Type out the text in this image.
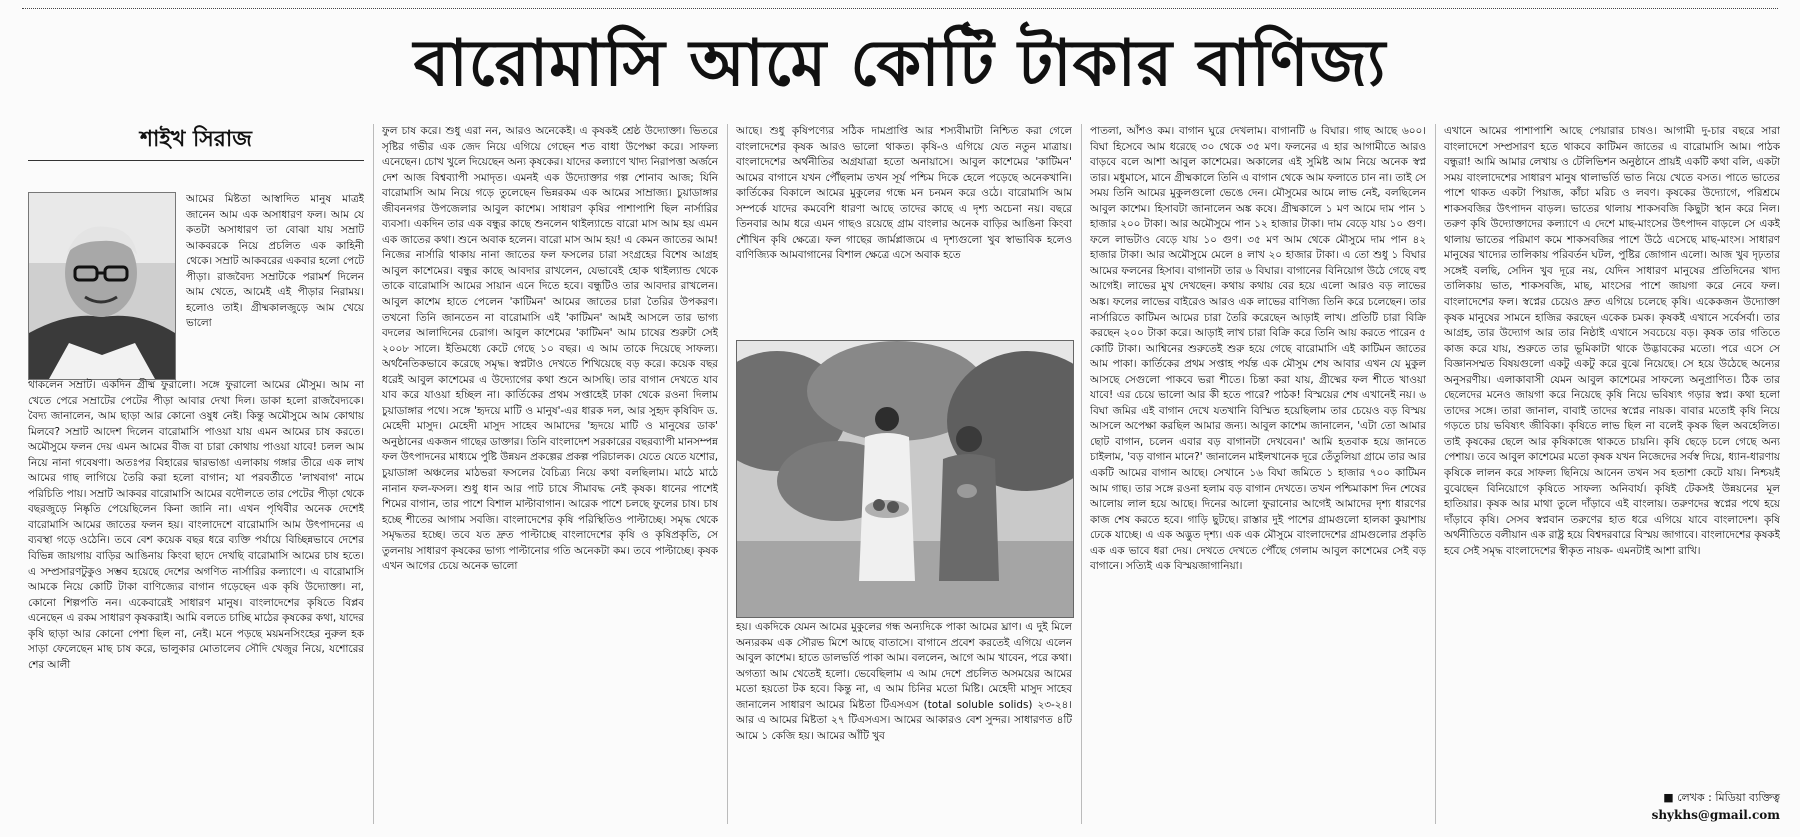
বারোমাসি আমে কোটি টাকার বাণিজ্য
শাইখ সিরাজ

আমের মিষ্টতা আস্বাদিত মানুষ মাত্রই জানেন আম এক অসাধারণ ফল। আম যে কতটা অসাধারণ তা বোঝা যায় সম্রাট আকবরকে নিয়ে প্রচলিত এক কাহিনী থেকে। সম্রাট আকবরের একবার হলো পেটে পীড়া। রাজবৈদ্য সম্রাটকে পরামর্শ দিলেন আম খেতে, আমেই এই পীড়ার নিরাময়। হলোও তাই। গ্রীষ্মকালজুড়ে আম খেয়ে ভালো

থাকলেন সম্রাট। একদিন গ্রীষ্ম ফুরালো। সঙ্গে ফুরালো আমের মৌসুম। আম না খেতে পেরে সম্রাটের পেটের পীড়া আবার দেখা দিল। ডাকা হলো রাজবৈদ্যকে। বৈদ্য জানালেন, আম ছাড়া আর কোনো ওষুধ নেই। কিন্তু অমৌসুমে আম কোথায় মিলবে? সম্রাট আদেশ দিলেন বারোমাসি পাওয়া যায় এমন আমের চাষ করতে। অমৌসুমে ফলন দেয় এমন আমের বীজ বা চারা কোথায় পাওয়া যাবে! চলল আম নিয়ে নানা গবেষণা। অতঃপর বিহারের দ্বারভাঙা এলাকায় গঙ্গার তীরে এক লাখ আমের গাছ লাগিয়ে তৈরি করা হলো বাগান; যা পরবর্তীতে 'লাখবাগ' নামে পরিচিতি পায়। সম্রাট আকবর বারোমাসি আমের বদৌলতে তার পেটের পীড়া থেকে বছরজুড়ে নিষ্কৃতি পেয়েছিলেন কিনা জানি না। এখন পৃথিবীর অনেক দেশেই বারোমাসি আমের জাতের ফলন হয়। বাংলাদেশে বারোমাসি আম উৎপাদনের এ ব্যবস্থা গড়ে ওঠেনি। তবে বেশ কয়েক বছর ধরে ব্যক্তি পর্যায়ে বিচ্ছিন্নভাবে দেশের বিভিন্ন জায়গায় বাড়ির আঙিনায় কিংবা ছাদে দেখছি বারোমাসি আমের চাষ হতে। এ সম্প্রসারণটুকুও সম্ভব হয়েছে দেশের অগণিত নার্সারির কল্যাণে। এ বারোমাসি আমকে নিয়ে কোটি টাকা বাণিজ্যের বাগান গড়েছেন এক কৃষি উদ্যোক্তা। না, কোনো শিল্পপতি নন। একেবারেই সাধারণ মানুষ। বাংলাদেশের কৃষিতে বিপ্লব এনেছেন এ রকম সাধারণ কৃষকরাই। আমি বলতে চাচ্ছি মাঠের কৃষকের কথা, যাদের কৃষি ছাড়া আর কোনো পেশা ছিল না, নেই। মনে পড়ছে ময়মনসিংহের নুরুল হক সাড়া ফেলেছেন মাছ চাষ করে, ভালুকার মোতালেব সৌদি খেজুর নিয়ে, যশোরের শের আলী

ফুল চাষ করে। শুধু এরা নন, আরও অনেকেই। এ কৃষকই শ্রেষ্ঠ উদ্যোক্তা। ভিতরে সৃষ্টির গভীর এক জেদ নিয়ে এগিয়ে গেছেন শত বাধা উপেক্ষা করে। সাফল্য এনেছেন। চোখ খুলে দিয়েছেন অন্য কৃষকের। যাদের কল্যাণে খাদ্য নিরাপত্তা অর্জনে দেশ আজ বিশ্বব্যাপী সমাদৃত। এমনই এক উদ্যোক্তার গল্প শোনাব আজ; যিনি বারোমাসি আম নিয়ে গড়ে তুলেছেন ভিন্নরকম এক আমের সাম্রাজ্য। চুয়াডাঙ্গার জীবননগর উপজেলার আবুল কাশেম। সাধারণ কৃষির পাশাপাশি ছিল নার্সারির ব্যবসা। একদিন তার এক বন্ধুর কাছে শুনলেন থাইল্যান্ডে বারো মাস আম হয় এমন এক জাতের কথা। শুনে অবাক হলেন। বারো মাস আম হয়! এ কেমন জাতের আম! নিজের নার্সারি থাকায় নানা জাতের ফল ফসলের চারা সংগ্রহের বিশেষ আগ্রহ আবুল কাশেমের। বন্ধুর কাছে আবদার রাখলেন, যেভাবেই হোক থাইল্যান্ড থেকে তাকে বারোমাসি আমের সায়ান এনে দিতে হবে। বন্ধুটিও তার আবদার রাখলেন। আবুল কাশেম হাতে পেলেন 'কাটিমন' আমের জাতের চারা তৈরির উপকরণ। তখনো তিনি জানতেন না বারোমাসি এই 'কাটিমন' আমই আসলে তার ভাগ্য বদলের আলাদিনের চেরাগ। আবুল কাশেমের 'কাটিমন' আম চাষের শুরুটা সেই ২০০৮ সালে। ইতিমধ্যে কেটে গেছে ১০ বছর। এ আম তাকে দিয়েছে সাফল্য। অর্থনৈতিকভাবে করেছে সমৃদ্ধ। স্বপ্নটাও দেখতে শিখিয়েছে বড় করে। কয়েক বছর ধরেই আবুল কাশেমের এ উদ্যোগের কথা শুনে আসছি। তার বাগান দেখতে যাব যাব করে যাওয়া হচ্ছিল না। কার্তিকের প্রথম সপ্তাহেই ঢাকা থেকে রওনা দিলাম চুয়াডাঙ্গার পথে। সঙ্গে 'হৃদয়ে মাটি ও মানুষ'-এর ধারক দল, আর সুহৃদ কৃষিবিদ ড. মেহেদী মাসুদ। মেহেদী মাসুদ সাহেব আমাদের 'হৃদয়ে মাটি ও মানুষের ডাক' অনুষ্ঠানের একজন গাছের ডাক্তার। তিনি বাংলাদেশ সরকারের বছরব্যাপী মানসম্পন্ন ফল উৎপাদনের মাধ্যমে পুষ্টি উন্নয়ন প্রকল্পের প্রকল্প পরিচালক। যেতে যেতে যশোর, চুয়াডাঙ্গা অঞ্চলের মাঠভরা ফসলের বৈচিত্র্য নিয়ে কথা বলছিলাম। মাঠে মাঠে নানান ফল-ফসল। শুধু ধান আর পাট চাষে সীমাবদ্ধ নেই কৃষক। ধানের পাশেই শিমের বাগান, তার পাশে বিশাল মাল্টাবাগান। আরেক পাশে চলছে ফুলের চাষ। চাষ হচ্ছে শীতের আগাম সবজি। বাংলাদেশের কৃষি পরিস্থিতিও পাল্টাচ্ছে। সমৃদ্ধ থেকে সমৃদ্ধতর হচ্ছে। তবে যত দ্রুত পাল্টাচ্ছে বাংলাদেশের কৃষি ও কৃষিপ্রকৃতি, সে তুলনায় সাধারণ কৃষকের ভাগ্য পাল্টানোর গতি অনেকটা কম। তবে পাল্টাচ্ছে। কৃষক এখন আগের চেয়ে অনেক ভালো

আছে। শুধু কৃষিপণ্যের সঠিক দামপ্রাপ্তি আর শস্যবীমাটা নিশ্চিত করা গেলে বাংলাদেশের কৃষক আরও ভালো থাকত। কৃষি-ও এগিয়ে যেত নতুন মাত্রায়। বাংলাদেশের অর্থনীতির অগ্রযাত্রা হতো অনায়াসে। আবুল কাশেমের 'কাটিমন' আমের বাগানে যখন পৌঁছলাম তখন সূর্য পশ্চিম দিকে হেলে পড়েছে অনেকখানি। কার্তিকের বিকালে আমের মুকুলের গন্ধে মন চনমন করে ওঠে। বারোমাসি আম সম্পর্কে যাদের কমবেশি ধারণা আছে তাদের কাছে এ দৃশ্য অচেনা নয়। বছরে তিনবার আম ধরে এমন গাছও রয়েছে গ্রাম বাংলার অনেক বাড়ির আঙিনা কিংবা শৌখিন কৃষি ক্ষেত্রে। ফল গাছের জার্মপ্লাজমে এ দৃশ্যগুলো খুব স্বাভাবিক হলেও বাণিজ্যিক আমবাগানের বিশাল ক্ষেত্রে এসে অবাক হতে

হয়। একদিকে যেমন আমের মুকুলের গন্ধ অন্যদিকে পাকা আমের ঘ্রাণ। এ দুই মিলে অন্যরকম এক সৌরভ মিশে আছে বাতাসে। বাগানে প্রবেশ করতেই এগিয়ে এলেন আবুল কাশেম। হাতে ডালভর্তি পাকা আম। বললেন, আগে আম খাবেন, পরে কথা। অগত্যা আম খেতেই হলো। ভেবেছিলাম এ আম দেশে প্রচলিত অসময়ের আমের মতো হয়তো টক হবে। কিন্তু না, এ আম চিনির মতো মিষ্টি। মেহেদী মাসুদ সাহেব জানালেন সাধারণ আমের মিষ্টতা টিএসএস (total soluble solids) ২৩-২৪। আর এ আমের মিষ্টতা ২৭ টিএসএস। আমের আকারও বেশ সুন্দর। সাধারণত ৪টি আমে ১ কেজি হয়। আমের আঁটি খুব

পাতলা, আঁশও কম। বাগান ঘুরে দেখলাম। বাগানটি ৬ বিঘার। গাছ আছে ৬০০। বিঘা হিসেবে আম ধরেছে ৩০ থেকে ৩৫ মণ। ফলনের এ হার আগামীতে আরও বাড়বে বলে আশা আবুল কাশেমের। অকালের এই সুমিষ্ট আম নিয়ে অনেক স্বপ্ন তার। মধুমাসে, মানে গ্রীষ্মকালে তিনি এ বাগান থেকে আম ফলাতে চান না। তাই সে সময় তিনি আমের মুকুলগুলো ভেঙে দেন। মৌসুমের আমে লাভ নেই, বলছিলেন আবুল কাশেম। হিসাবটা জানালেন অঙ্ক কষে। গ্রীষ্মকালে ১ মণ আমে দাম পান ১ হাজার ২০০ টাকা। আর অমৌসুমে পান ১২ হাজার টাকা। দাম বেড়ে যায় ১০ গুণ। ফলে লাভটাও বেড়ে যায় ১০ গুণ। ৩৫ মণ আম থেকে মৌসুমে দাম পান ৪২ হাজার টাকা। আর অমৌসুমে মেলে ৪ লাখ ২০ হাজার টাকা। এ তো শুধু ১ বিঘার আমের ফলনের হিসাব। বাগানটা তার ৬ বিঘার। বাগানের বিনিয়োগ উঠে গেছে বহু আগেই। লাভের মুখ দেখছেন। কথায় কথায় বের হয়ে এলো আরও বড় লাভের অঙ্ক। ফলের লাভের বাইরেও আরও এক লাভের বাণিজ্য তিনি করে চলেছেন। তার নার্সারিতে কাটিমন আমের চারা তৈরি করেছেন আড়াই লাখ। প্রতিটি চারা বিক্রি করছেন ২০০ টাকা করে। আড়াই লাখ চারা বিক্রি করে তিনি আয় করতে পারেন ৫ কোটি টাকা। আশ্বিনের শুরুতেই শুরু হয়ে গেছে বারোমাসি এই কাটিমন জাতের আম পাকা। কার্তিকের প্রথম সপ্তাহ পর্যন্ত এক মৌসুম শেষ আবার এখন যে মুকুল আসছে সেগুলো পাকবে ভরা শীতে। চিন্তা করা যায়, গ্রীষ্মের ফল শীতে খাওয়া যাবে! এর চেয়ে ভালো আর কী হতে পারে? পাঠক! বিস্ময়ের শেষ এখানেই নয়। ৬ বিঘা জমির এই বাগান দেখে যতখানি বিস্মিত হয়েছিলাম তার চেয়েও বড় বিস্ময় আসলে অপেক্ষা করছিল আমার জন্য। আবুল কাশেম জানালেন, 'এটা তো আমার ছোট বাগান, চলেন এবার বড় বাগানটা দেখবেন।' আমি হতবাক হয়ে জানতে চাইলাম, 'বড় বাগান মানে?' জানালেন মাইলখানেক দূরে তেঁতুলিয়া গ্রামে তার আর একটি আমের বাগান আছে। সেখানে ১৬ বিঘা জমিতে ১ হাজার ৭০০ কাটিমন আম গাছ। তার সঙ্গে রওনা হলাম বড় বাগান দেখতে। তখন পশ্চিমাকাশ দিন শেষের আলোয় লাল হয়ে আছে। দিনের আলো ফুরানোর আগেই আমাদের দৃশ্য ধারণের কাজ শেষ করতে হবে। গাড়ি ছুটছে। রাস্তার দুই পাশের গ্রামগুলো হালকা কুয়াশায় ঢেকে যাচ্ছে। এ এক অদ্ভুত দৃশ্য। এক এক মৌসুমে বাংলাদেশের গ্রামগুলোর প্রকৃতি এক এক ভাবে ধরা দেয়। দেখতে দেখতে পৌঁছে গেলাম আবুল কাশেমের সেই বড় বাগানে। সত্যিই এক বিস্ময়জাগানিয়া।

এখানে আমের পাশাপাশি আছে পেয়ারার চাষও। আগামী দু-চার বছরে সারা বাংলাদেশে সম্প্রসারণ হতে থাকবে কাটিমন জাতের এ বারোমাসি আম। পাঠক বন্ধুরা! আমি আমার লেখায় ও টেলিভিশন অনুষ্ঠানে প্রায়ই একটি কথা বলি, একটা সময় বাংলাদেশের সাধারণ মানুষ থালাভর্তি ভাত নিয়ে খেতে বসত। পাতে ভাতের পাশে থাকত একটা পিয়াজ, কাঁচা মরিচ ও লবণ। কৃষকের উদ্যোগে, পরিশ্রমে শাকসবজির উৎপাদন বাড়ল। ভাতের থালায় শাকসবজি কিছুটা স্থান করে নিল। তরুণ কৃষি উদ্যোক্তাদের কল্যাণে এ দেশে মাছ-মাংসের উৎপাদন বাড়লে সে একই থালায় ভাতের পরিমাণ কমে শাকসবজির পাশে উঠে এসেছে মাছ-মাংস। সাধারণ মানুষের খাদ্যের তালিকায় পরিবর্তন ঘটল, পুষ্টির জোগান এলো। আজ খুব দৃঢ়তার সঙ্গেই বলছি, সেদিন খুব দূরে নয়, যেদিন সাধারণ মানুষের প্রতিদিনের খাদ্য তালিকায় ভাত, শাকসবজি, মাছ, মাংসের পাশে জায়গা করে নেবে ফল। বাংলাদেশের ফল। স্বপ্নের চেয়েও দ্রুত এগিয়ে চলেছে কৃষি। একেকজন উদ্যোক্তা কৃষক মানুষের সামনে হাজির করছেন একেক চমক। কৃষকই এখানে সর্বেসর্বা। তার আগ্রহ, তার উদ্যোগ আর তার নিষ্ঠাই এখানে সবচেয়ে বড়। কৃষক তার গতিতে কাজ করে যায়, শুরুতে তার ভূমিকাটা থাকে উদ্ভাবকের মতো। পরে এসে সে বিজ্ঞানসম্মত বিষয়গুলো একটু একটু করে বুঝে নিয়েছে। সে হয়ে উঠেছে অন্যের অনুসরণীয়। এলাকাবাসী যেমন আবুল কাশেমের সাফল্যে অনুপ্রাণিত। ঠিক তার ছেলেদের মনেও জায়গা করে নিয়েছে কৃষি নিয়ে ভবিষ্যৎ গড়ার স্বপ্ন। কথা হলো তাদের সঙ্গে। তারা জানাল, বাবাই তাদের স্বপ্নের নায়ক। বাবার মতোই কৃষি নিয়ে গড়তে চায় ভবিষ্যৎ জীবিকা। কৃষিতে লাভ ছিল না বলেই কৃষক ছিল অবহেলিত। তাই কৃষকের ছেলে আর কৃষিকাজে থাকতে চায়নি। কৃষি ছেড়ে চলে গেছে অন্য পেশায়। তবে আবুল কাশেমের মতো কৃষক যখন নিজেদের সর্বস্ব দিয়ে, ধ্যান-ধারণায় কৃষিকে লালন করে সাফল্য ছিনিয়ে আনেন তখন সব হতাশা কেটে যায়। নিশ্চয়ই বুঝেছেন বিনিয়োগে কৃষিতে সাফল্য অনিবার্য। কৃষিই টেকসই উন্নয়নের মূল হাতিয়ার। কৃষক আর মাথা তুলে দাঁড়াবে এই বাংলায়। তরুণদের স্বপ্নের পথে হয়ে দাঁড়াবে কৃষি। সেসব স্বপ্নবান তরুণের হাত ধরে এগিয়ে যাবে বাংলাদেশ। কৃষি অর্থনীতিতে বলীয়ান এক রাষ্ট্র হয়ে বিশ্বদরবারে বিস্ময় জাগাবে। বাংলাদেশের কৃষকই হবে সেই সমৃদ্ধ বাংলাদেশের স্বীকৃত নায়ক- এমনটাই আশা রাখি।

■ লেখক : মিডিয়া ব্যক্তিত্ব
shykhs@gmail.com
